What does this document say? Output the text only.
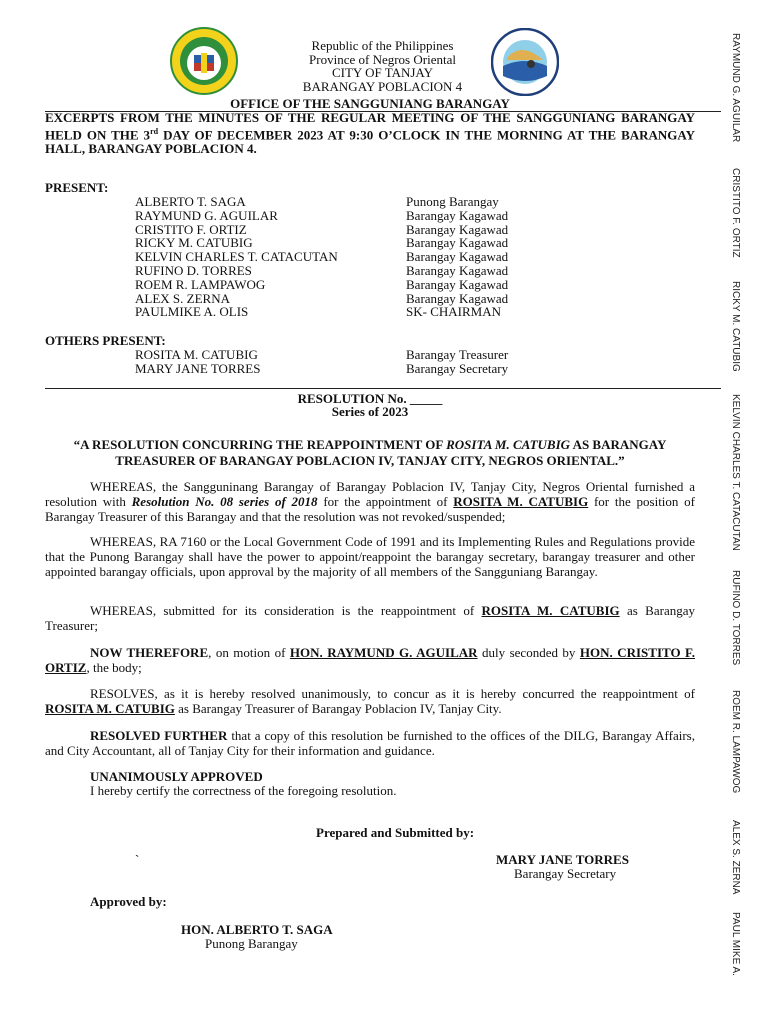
Republic of the Philippines
Province of Negros Oriental
CITY OF TANJAY
BARANGAY POBLACION 4
OFFICE OF THE SANGGUNIANG BARANGAY
EXCERPTS FROM THE MINUTES OF THE REGULAR MEETING OF THE SANGGUNIANG BARANGAY HELD ON THE 3rd DAY OF DECEMBER 2023 AT 9:30 O’CLOCK IN THE MORNING AT THE BARANGAY HALL, BARANGAY POBLACION 4.
PRESENT:
ALBERTO T. SAGA	Punong Barangay
RAYMUND G. AGUILAR	Barangay Kagawad
CRISTITO F. ORTIZ	Barangay Kagawad
RICKY M. CATUBIG	Barangay Kagawad
KELVIN CHARLES T. CATACUTAN	Barangay Kagawad
RUFINO D. TORRES	Barangay Kagawad
ROEM R. LAMPAWOG	Barangay Kagawad
ALEX S. ZERNA	Barangay Kagawad
PAULMIKE A. OLIS	SK- CHAIRMAN
OTHERS PRESENT:
ROSITA M. CATUBIG	Barangay Treasurer
MARY JANE TORRES	Barangay Secretary
RESOLUTION No. _____
Series of 2023
“A RESOLUTION CONCURRING THE REAPPOINTMENT OF ROSITA M. CATUBIG AS BARANGAY TREASURER OF BARANGAY POBLACION IV, TANJAY CITY, NEGROS ORIENTAL.”
WHEREAS, the Sangguninang Barangay of Barangay Poblacion IV, Tanjay City, Negros Oriental furnished a resolution with Resolution No. 08 series of 2018 for the appointment of ROSITA M. CATUBIG for the position of Barangay Treasurer of this Barangay and that the resolution was not revoked/suspended;
WHEREAS, RA 7160 or the Local Government Code of 1991 and its Implementing Rules and Regulations provide that the Punong Barangay shall have the power to appoint/reappoint the barangay secretary, barangay treasurer and other appointed barangay officials, upon approval by the majority of all members of the Sangguniang Barangay.
WHEREAS, submitted for its consideration is the reappointment of ROSITA M. CATUBIG as Barangay Treasurer;
NOW THEREFORE, on motion of HON. RAYMUND G. AGUILAR duly seconded by HON. CRISTITO F. ORTIZ, the body;
RESOLVES, as it is hereby resolved unanimously, to concur as it is hereby concurred the reappointment of ROSITA M. CATUBIG as Barangay Treasurer of Barangay Poblacion IV, Tanjay City.
RESOLVED FURTHER that a copy of this resolution be furnished to the offices of the DILG, Barangay Affairs, and City Accountant, all of Tanjay City for their information and guidance.
UNANIMOUSLY APPROVED
I hereby certify the correctness of the foregoing resolution.
Prepared and Submitted by:
`	MARY JANE TORRES
Barangay Secretary
Approved by:
HON. ALBERTO T. SAGA
Punong Barangay
RAYMUND G. AGUILAR
CRISTITO F. ORTIZ
RICKY M. CATUBIG
KELVIN CHARLES T. CATACUTAN
RUFINO D. TORRES
ROEM R. LAMPAWOG
ALEX S. ZERNA
PAUL MIKE A.
